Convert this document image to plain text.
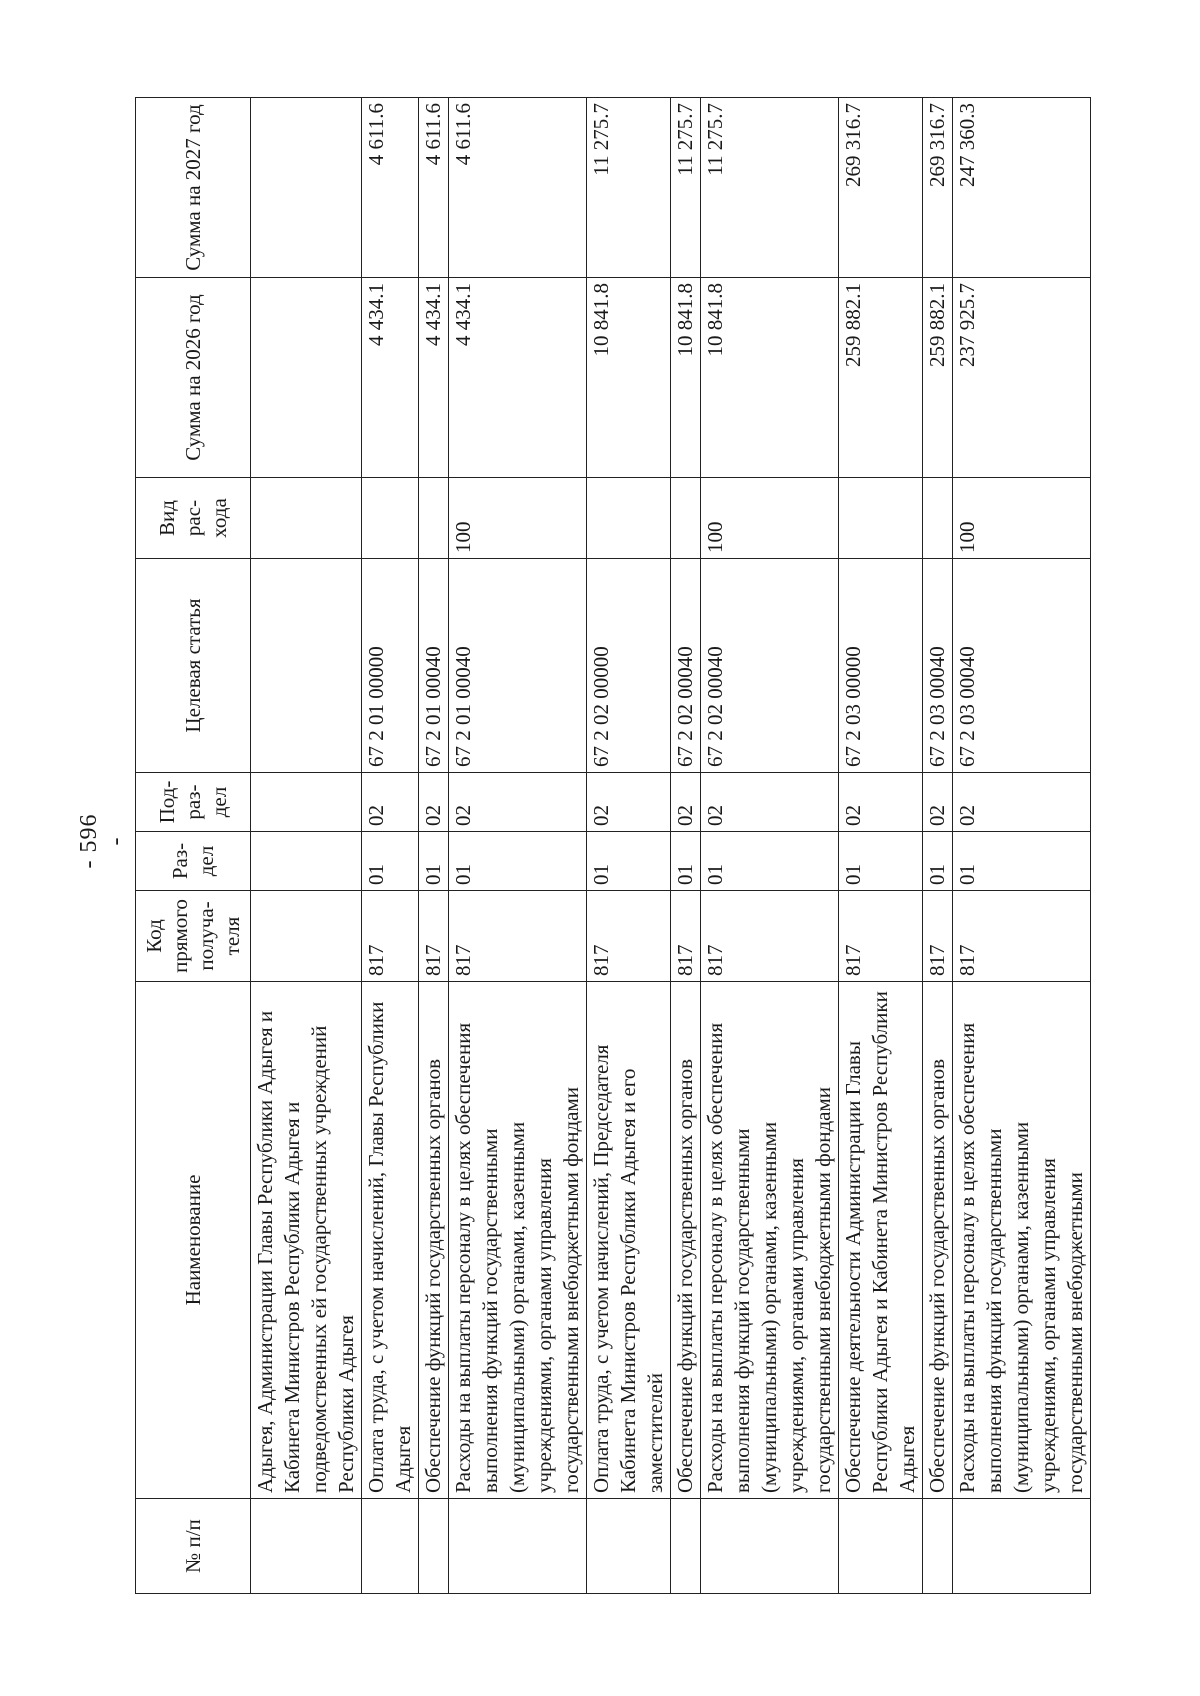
- 596 -
№ п/п	Наименование	Код прямого получа-теля	Раз-дел	Под-раз-дел	Целевая статья	Вид рас-хода	Сумма на 2026 год	Сумма на 2027 год
	Адыгея, Администрации Главы Республики Адыгея и Кабинета Министров Республики Адыгея и подведомственных ей государственных учреждений Республики Адыгея							
	Оплата труда, с учетом начислений, Главы Республики Адыгея	817	01	02	67 2 01 00000		4 434.1	4 611.6
	Обеспечение функций государственных органов	817	01	02	67 2 01 00040		4 434.1	4 611.6
	Расходы на выплаты персоналу в целях обеспечения выполнения функций государственными (муниципальными) органами, казенными учреждениями, органами управления государственными внебюджетными фондами	817	01	02	67 2 01 00040	100	4 434.1	4 611.6
	Оплата труда, с учетом начислений, Председателя Кабинета Министров Республики Адыгея и его заместителей	817	01	02	67 2 02 00000		10 841.8	11 275.7
	Обеспечение функций государственных органов	817	01	02	67 2 02 00040		10 841.8	11 275.7
	Расходы на выплаты персоналу в целях обеспечения выполнения функций государственными (муниципальными) органами, казенными учреждениями, органами управления государственными внебюджетными фондами	817	01	02	67 2 02 00040	100	10 841.8	11 275.7
	Обеспечение деятельности Администрации Главы Республики Адыгея и Кабинета Министров Республики Адыгея	817	01	02	67 2 03 00000		259 882.1	269 316.7
	Обеспечение функций государственных органов	817	01	02	67 2 03 00040		259 882.1	269 316.7
	Расходы на выплаты персоналу в целях обеспечения выполнения функций государственными (муниципальными) органами, казенными учреждениями, органами управления государственными внебюджетными	817	01	02	67 2 03 00040	100	237 925.7	247 360.3
